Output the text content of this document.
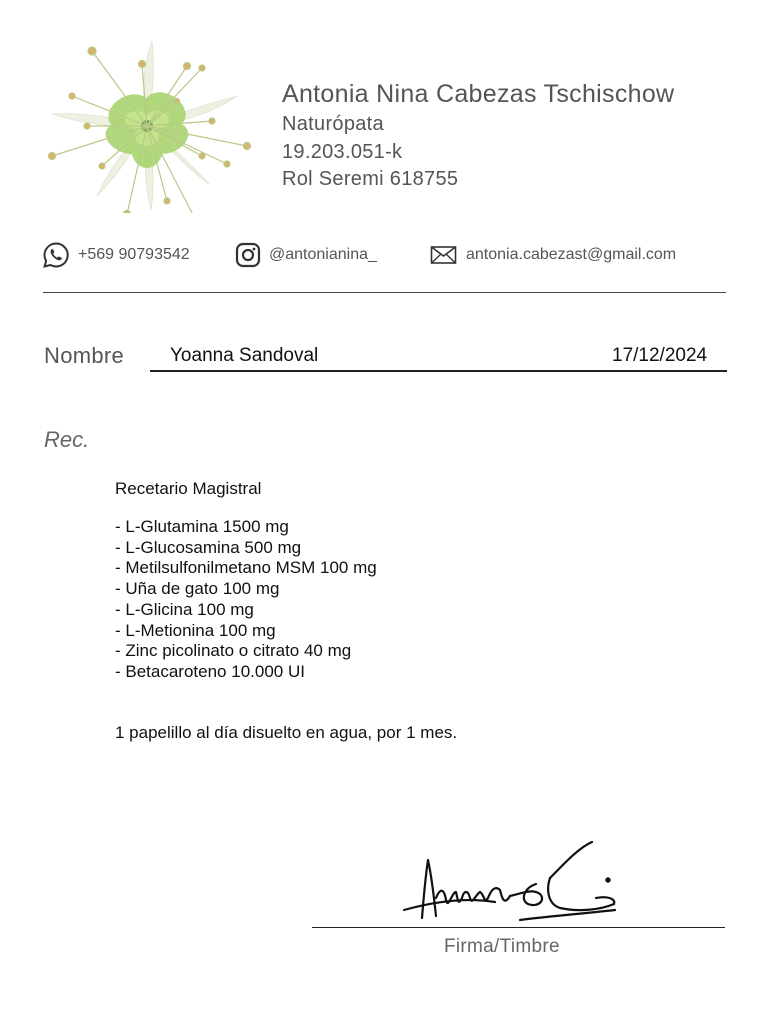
Antonia Nina Cabezas Tschischow
Naturópata
19.203.051-k
Rol Seremi 618755
+569 90793542	@antonianina_	antonia.cabezast@gmail.com
Nombre Yoanna Sandoval	17/12/2024
Rec.
Recetario Magistral
- L-Glutamina 1500 mg
- L-Glucosamina 500 mg
- Metilsulfonilmetano MSM 100 mg
- Uña de gato 100 mg
- L-Glicina 100 mg
- L-Metionina 100 mg
- Zinc picolinato o citrato 40 mg
- Betacaroteno 10.000 UI
1 papelillo al día disuelto en agua, por 1 mes.
Firma/Timbre
